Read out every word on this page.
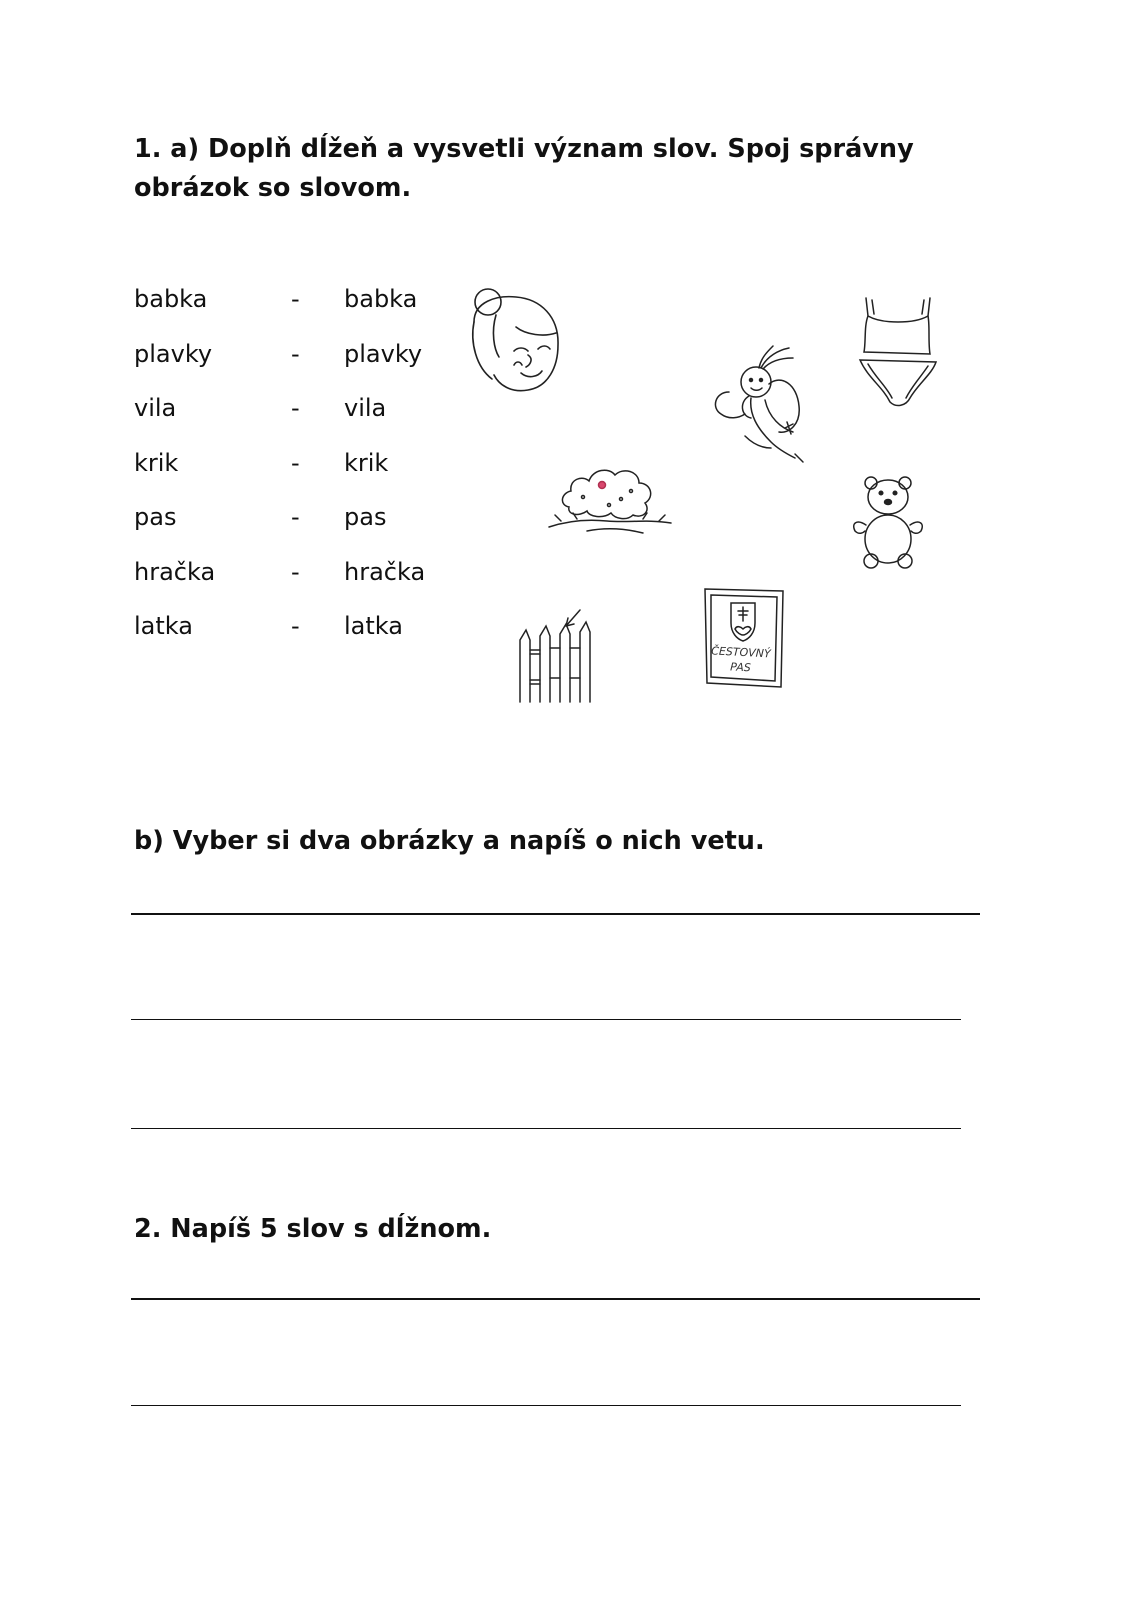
1. a) Doplň dĺžeň a vysvetli význam slov. Spoj správny obrázok so slovom.
babka	- babka
plavky	- plavky
vila	- vila
krik	- krik
pas	- pas
hračka	- hračka
latka	- latka
ČESTOVNÝ
PAS
b) Vyber si dva obrázky a napíš o nich vetu.
2. Napíš 5 slov s dĺžnom.
